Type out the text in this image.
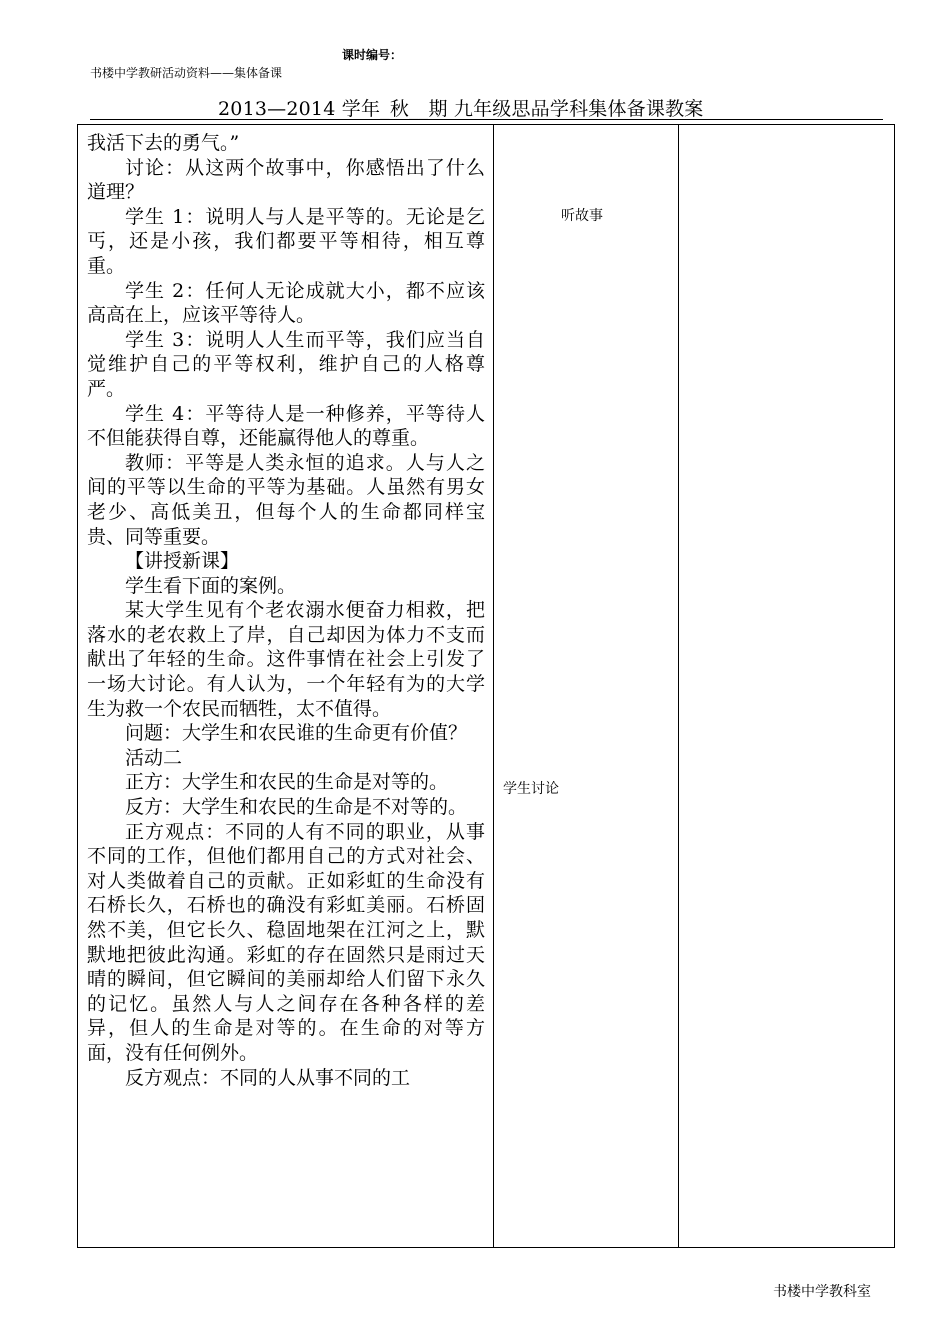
课时编号：
书楼中学教研活动资料——集体备课
2013—2014 学年_秋__期 九年级思品学科集体备课教案

我活下去的勇气。”

讨论：从这两个故事中，你感悟出了什么道理？

学生 1：说明人与人是平等的。无论是乞丐，还是小孩，我们都要平等相待，相互尊重。

学生 2：任何人无论成就大小，都不应该高高在上，应该平等待人。

学生 3：说明人人生而平等，我们应当自觉维护自己的平等权利，维护自己的人格尊严。

学生 4：平等待人是一种修养，平等待人不但能获得自尊，还能赢得他人的尊重。

教师：平等是人类永恒的追求。人与人之间的平等以生命的平等为基础。人虽然有男女老少、高低美丑，但每个人的生命都同样宝贵、同等重要。

【讲授新课】

学生看下面的案例。

某大学生见有个老农溺水便奋力相救，把落水的老农救上了岸，自己却因为体力不支而献出了年轻的生命。这件事情在社会上引发了一场大讨论。有人认为，一个年轻有为的大学生为救一个农民而牺牲，太不值得。

问题：大学生和农民谁的生命更有价值？

活动二

正方：大学生和农民的生命是对等的。

反方：大学生和农民的生命是不对等的。

正方观点：不同的人有不同的职业，从事不同的工作，但他们都用自己的方式对社会、对人类做着自己的贡献。正如彩虹的生命没有石桥长久，石桥也的确没有彩虹美丽。石桥固然不美，但它长久、稳固地架在江河之上，默默地把彼此沟通。彩虹的存在固然只是雨过天晴的瞬间，但它瞬间的美丽却给人们留下永久的记忆。虽然人与人之间存在各种各样的差异，但人的生命是对等的。在生命的对等方面，没有任何例外。

反方观点：不同的人从事不同的工

听故事
学生讨论
书楼中学教科室
